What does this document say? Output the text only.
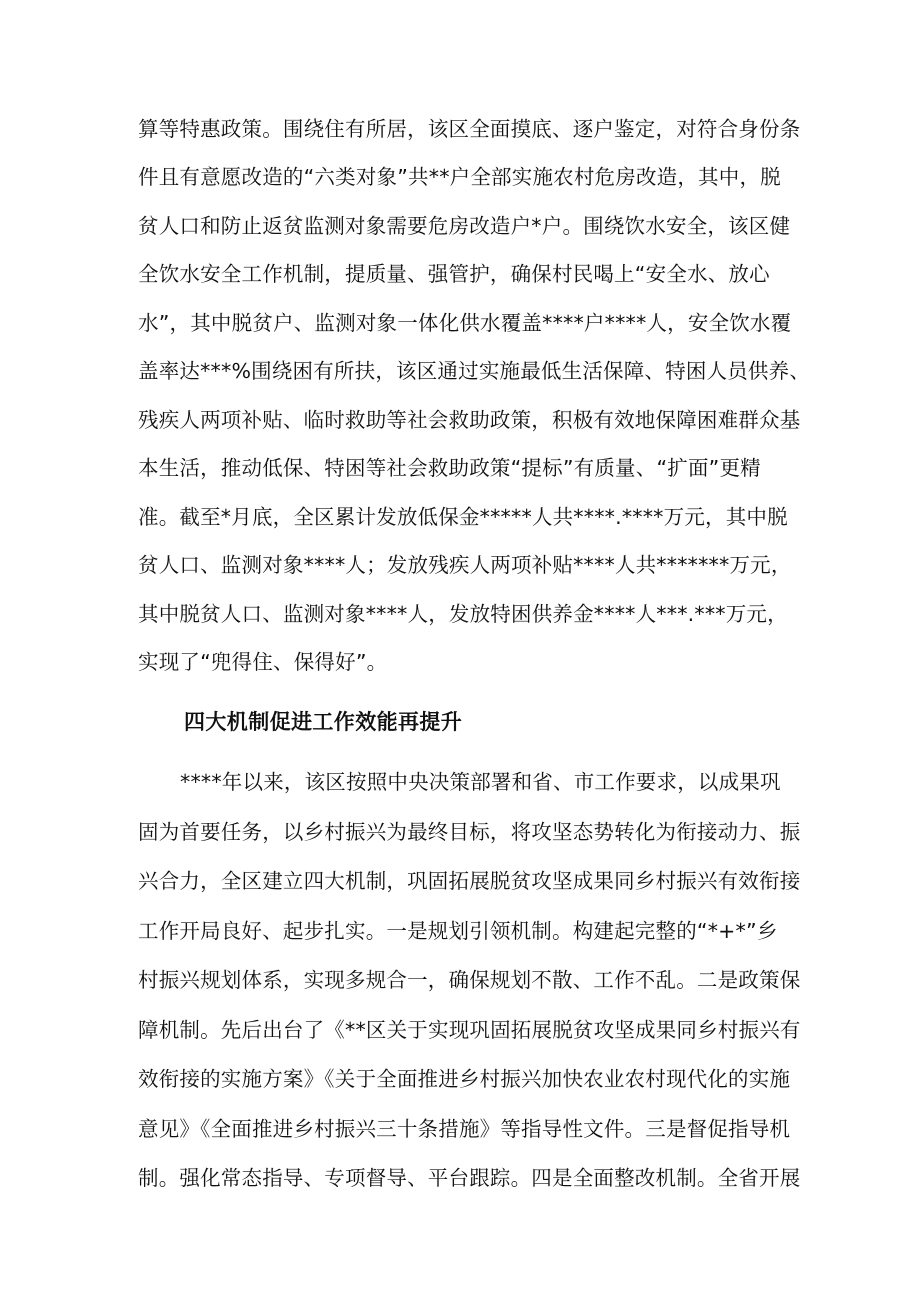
算等特惠政策。围绕住有所居，该区全面摸底、逐户鉴定，对符合身份条
件且有意愿改造的“六类对象”共**户全部实施农村危房改造，其中，脱
贫人口和防止返贫监测对象需要危房改造户*户。围绕饮水安全，该区健
全饮水安全工作机制，提质量、强管护，确保村民喝上“安全水、放心
水”，其中脱贫户、监测对象一体化供水覆盖****户****人，安全饮水覆
盖率达***%围绕困有所扶，该区通过实施最低生活保障、特困人员供养、
残疾人两项补贴、临时救助等社会救助政策，积极有效地保障困难群众基
本生活，推动低保、特困等社会救助政策“提标”有质量、“扩面”更精
准。截至*月底，全区累计发放低保金*****人共****.****万元，其中脱
贫人口、监测对象****人；发放残疾人两项补贴****人共*******万元，
其中脱贫人口、监测对象****人，发放特困供养金****人***.***万元，
实现了“兜得住、保得好”。
四大机制促进工作效能再提升
****年以来，该区按照中央决策部署和省、市工作要求，以成果巩
固为首要任务，以乡村振兴为最终目标，将攻坚态势转化为衔接动力、振
兴合力，全区建立四大机制，巩固拓展脱贫攻坚成果同乡村振兴有效衔接
工作开局良好、起步扎实。一是规划引领机制。构建起完整的“*+*”乡
村振兴规划体系，实现多规合一，确保规划不散、工作不乱。二是政策保
障机制。先后出台了《**区关于实现巩固拓展脱贫攻坚成果同乡村振兴有
效衔接的实施方案》《关于全面推进乡村振兴加快农业农村现代化的实施
意见》《全面推进乡村振兴三十条措施》等指导性文件。三是督促指导机
制。强化常态指导、专项督导、平台跟踪。四是全面整改机制。全省开展
